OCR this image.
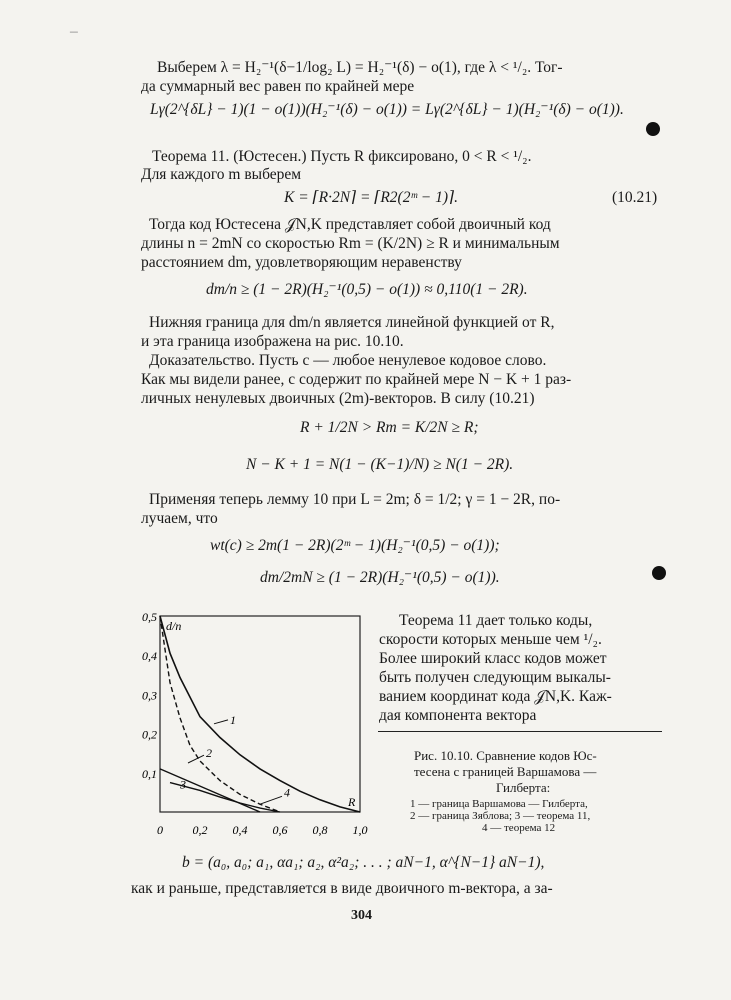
–
Выберем λ = H₂⁻¹(δ−1/log₂ L) = H₂⁻¹(δ) − o(1), где λ < ¹/₂. Тог-
да суммарный вес равен по крайней мере
Lγ(2^{δL} − 1)(1 − o(1))(H₂⁻¹(δ) − o(1)) = Lγ(2^{δL} − 1)(H₂⁻¹(δ) − o(1)).
Теорема 11. (Юстесен.) Пусть R фиксировано, 0 < R < ¹/₂.
Для каждого m выберем
K = ⌈R·2N⌉ = ⌈R2(2ᵐ − 1)⌉.	(10.21)
Тогда код Юстесена 𝒥N,K представляет собой двоичный код
длины n = 2mN со скоростью Rm = (K/2N) ≥ R и минимальным
расстоянием dm, удовлетворяющим неравенству
dm/n ≥ (1 − 2R)(H₂⁻¹(0,5) − o(1)) ≈ 0,110(1 − 2R).
Нижняя граница для dm/n является линейной функцией от R,
и эта граница изображена на рис. 10.10.
Доказательство. Пусть c — любое ненулевое кодовое слово.
Как мы видели ранее, c содержит по крайней мере N − K + 1 раз-
личных ненулевых двоичных (2m)-векторов. В силу (10.21)
R + 1/2N > Rm = K/2N ≥ R;
N − K + 1 = N(1 − (K−1)/N) ≥ N(1 − 2R).
Применяя теперь лемму 10 при L = 2m; δ = 1/2; γ = 1 − 2R, по-
лучаем, что
wt(c) ≥ 2m(1 − 2R)(2ᵐ − 1)(H₂⁻¹(0,5) − o(1));
dm/2mN ≥ (1 − 2R)(H₂⁻¹(0,5) − o(1)).
0,5
0,4
0,3
0,2
0,1
0 0,2 0,4 0,6 0,8 1,0
d/n
R
1
2
3
4
Теорема 11 дает только коды,
скорости которых меньше чем ¹/₂.
Более широкий класс кодов может
быть получен следующим выкалы-
ванием координат кода 𝒥N,K. Каж-
дая компонента вектора
Рис. 10.10. Сравнение кодов Юс-
тесена с границей Варшамова —
Гилберта:
1 — граница Варшамова — Гилберта,
2 — граница Зяблова; 3 — теорема 11,
4 — теорема 12
b = (a₀, a₀; a₁, αa₁; a₂, α²a₂; . . . ; aN−1, α^{N−1} aN−1),
как и раньше, представляется в виде двоичного m-вектора, а за-
304
